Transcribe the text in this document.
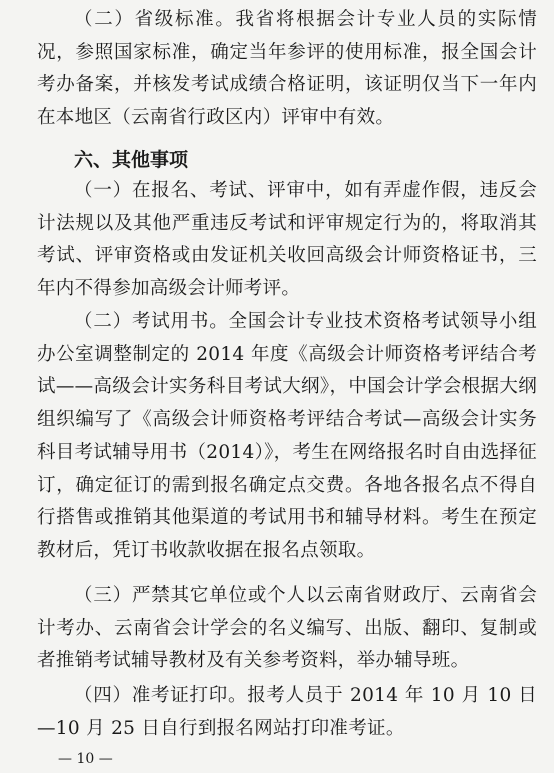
（二）省级标准。我省将根据会计专业人员的实际情况，参照国家标准，确定当年参评的使用标准，报全国会计考办备案，并核发考试成绩合格证明，该证明仅当下一年内在本地区（云南省行政区内）评审中有效。

六、其他事项

（一）在报名、考试、评审中，如有弄虚作假，违反会计法规以及其他严重违反考试和评审规定行为的，将取消其考试、评审资格或由发证机关收回高级会计师资格证书，三年内不得参加高级会计师考评。

（二）考试用书。全国会计专业技术资格考试领导小组办公室调整制定的 2014 年度《高级会计师资格考评结合考试——高级会计实务科目考试大纲》，中国会计学会根据大纲组织编写了《高级会计师资格考评结合考试—高级会计实务科目考试辅导用书（2014）》，考生在网络报名时自由选择征订，确定征订的需到报名确定点交费。各地各报名点不得自行搭售或推销其他渠道的考试用书和辅导材料。考生在预定教材后，凭订书收款收据在报名点领取。

（三）严禁其它单位或个人以云南省财政厅、云南省会计考办、云南省会计学会的名义编写、出版、翻印、复制或者推销考试辅导教材及有关参考资料，举办辅导班。

（四）准考证打印。报考人员于 2014 年 10 月 10 日—10 月 25 日自行到报名网站打印准考证。

— 10 —
